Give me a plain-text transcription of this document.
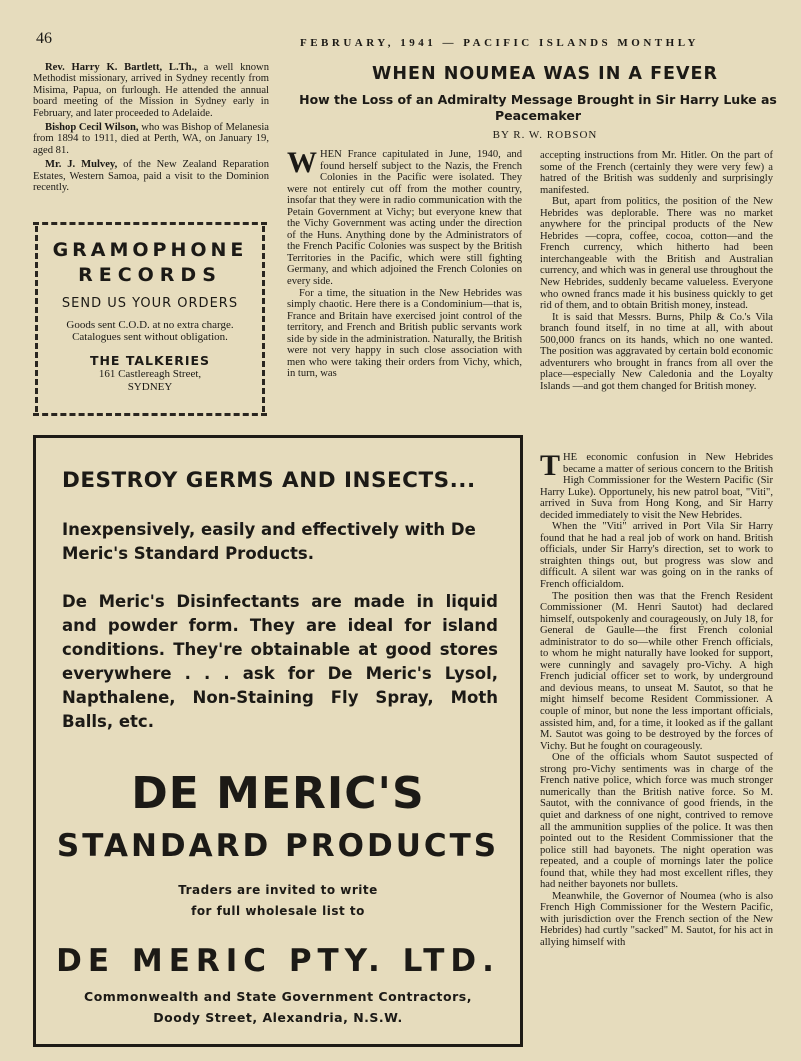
46	FEBRUARY, 1941 — PACIFIC ISLANDS MONTHLY

Rev. Harry K. Bartlett, L.Th., a well known Methodist missionary, arrived in Sydney recently from Misima, Papua, on furlough. He attended the annual board meeting of the Mission in Sydney early in February, and later proceeded to Adelaide.

Bishop Cecil Wilson, who was Bishop of Melanesia from 1894 to 1911, died at Perth, WA, on January 19, aged 81.

Mr. J. Mulvey, of the New Zealand Reparation Estates, Western Samoa, paid a visit to the Dominion recently.

GRAMOPHONE
RECORDS
SEND US YOUR ORDERS
Goods sent C.O.D. at no extra charge.
Catalogues sent without obligation.
THE TALKERIES
161 Castlereagh Street,
SYDNEY
DESTROY GERMS AND INSECTS...
Inexpensively, easily and effectively with De Meric's Standard Products.
De Meric's Disinfectants are made in liquid and powder form. They are ideal for island conditions. They're obtainable at good stores everywhere . . . ask for De Meric's Lysol, Napthalene, Non-Staining Fly Spray, Moth Balls, etc.
DE MERIC'S
STANDARD PRODUCTS
Traders are invited to write
for full wholesale list to
DE MERIC PTY. LTD.
Commonwealth and State Government Contractors,
Doody Street, Alexandria, N.S.W.
WHEN NOUMEA WAS IN A FEVER
How the Loss of an Admiralty Message Brought in Sir Harry Luke as Peacemaker
BY R. W. ROBSON

WHEN France capitulated in June, 1940, and found herself subject to the Nazis, the French Colonies in the Pacific were isolated. They were not entirely cut off from the mother country, insofar that they were in radio communication with the Petain Government at Vichy; but everyone knew that the Vichy Government was acting under the direction of the Huns. Anything done by the Administrators of the French Pacific Colonies was suspect by the British Territories in the Pacific, which were still fighting Germany, and which adjoined the French Colonies on every side.

For a time, the situation in the New Hebrides was simply chaotic. Here there is a Condominium—that is, France and Britain have exercised joint control of the territory, and French and British public servants work side by side in the administration. Naturally, the British were not very happy in such close association with men who were taking their orders from Vichy, which, in turn, was

accepting instructions from Mr. Hitler. On the part of some of the French (certainly they were very few) a hatred of the British was suddenly and surprisingly manifested.

But, apart from politics, the position of the New Hebrides was deplorable. There was no market anywhere for the principal products of the New Hebrides —copra, coffee, cocoa, cotton—and the French currency, which hitherto had been interchangeable with the British and Australian currency, and which was in general use throughout the New Hebrides, suddenly became valueless. Everyone who owned francs made it his business quickly to get rid of them, and to obtain British money, instead.

It is said that Messrs. Burns, Philp & Co.'s Vila branch found itself, in no time at all, with about 500,000 francs on its hands, which no one wanted. The position was aggravated by certain bold economic adventurers who brought in francs from all over the place—especially New Caledonia and the Loyalty Islands —and got them changed for British money.

THE economic confusion in New Hebrides became a matter of serious concern to the British High Commissioner for the Western Pacific (Sir Harry Luke). Opportunely, his new patrol boat, "Viti", arrived in Suva from Hong Kong, and Sir Harry decided immediately to visit the New Hebrides.

When the "Viti" arrived in Port Vila Sir Harry found that he had a real job of work on hand. British officials, under Sir Harry's direction, set to work to straighten things out, but progress was slow and difficult. A silent war was going on in the ranks of French officialdom.

The position then was that the French Resident Commissioner (M. Henri Sautot) had declared himself, outspokenly and courageously, on July 18, for General de Gaulle—the first French colonial administrator to do so—while other French officials, to whom he might naturally have looked for support, were cunningly and savagely pro-Vichy. A high French judicial officer set to work, by underground and devious means, to unseat M. Sautot, so that he might himself become Resident Commissioner. A couple of minor, but none the less important officials, assisted him, and, for a time, it looked as if the gallant M. Sautot was going to be destroyed by the forces of Vichy. But he fought on courageously.

One of the officials whom Sautot suspected of strong pro-Vichy sentiments was in charge of the French native police, which force was much stronger numerically than the British native force. So M. Sautot, with the connivance of good friends, in the quiet and darkness of one night, contrived to remove all the ammunition supplies of the police. It was then pointed out to the Resident Commissioner that the police still had bayonets. The night operation was repeated, and a couple of mornings later the police found that, while they had most excellent rifles, they had neither bayonets nor bullets.

Meanwhile, the Governor of Noumea (who is also French High Commissioner for the Western Pacific, with jurisdiction over the French section of the New Hebrides) had curtly "sacked" M. Sautot, for his act in allying himself with
